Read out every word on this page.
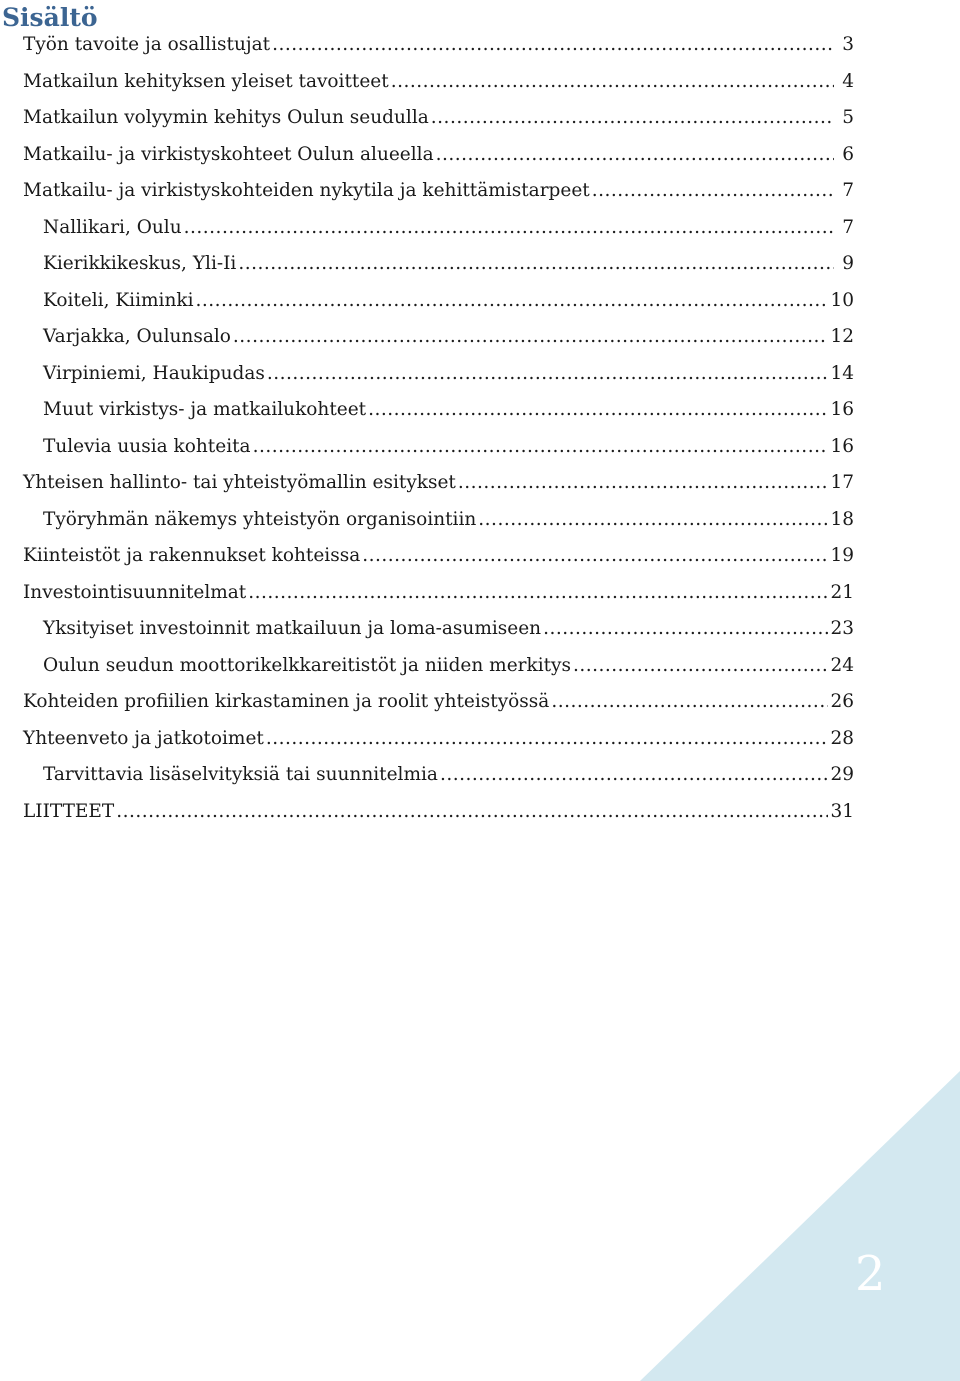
Sisältö
Työn tavoite ja osallistujat .....	3
Matkailun kehityksen yleiset tavoitteet .....	4
Matkailun volyymin kehitys Oulun seudulla .....	5
Matkailu- ja virkistyskohteet Oulun alueella .....	6
Matkailu- ja virkistyskohteiden nykytila ja kehittämistarpeet .....	7
Nallikari, Oulu .....	7
Kierikkikeskus, Yli-Ii .....	9
Koiteli, Kiiminki .....	10
Varjakka, Oulunsalo .....	12
Virpiniemi, Haukipudas .....	14
Muut virkistys- ja matkailukohteet .....	16
Tulevia uusia kohteita .....	16
Yhteisen hallinto- tai yhteistyömallin esitykset .....	17
Työryhmän näkemys yhteistyön organisointiin .....	18
Kiinteistöt ja rakennukset kohteissa .....	19
Investointisuunnitelmat .....	21
Yksityiset investoinnit matkailuun ja loma-asumiseen .....	23
Oulun seudun moottorikelkkareitistöt ja niiden merkitys .....	24
Kohteiden profiilien kirkastaminen ja roolit yhteistyössä .....	26
Yhteenveto ja jatkotoimet .....	28
Tarvittavia lisäselvityksiä tai suunnitelmia .....	29
LIITTEET .....	31
2
